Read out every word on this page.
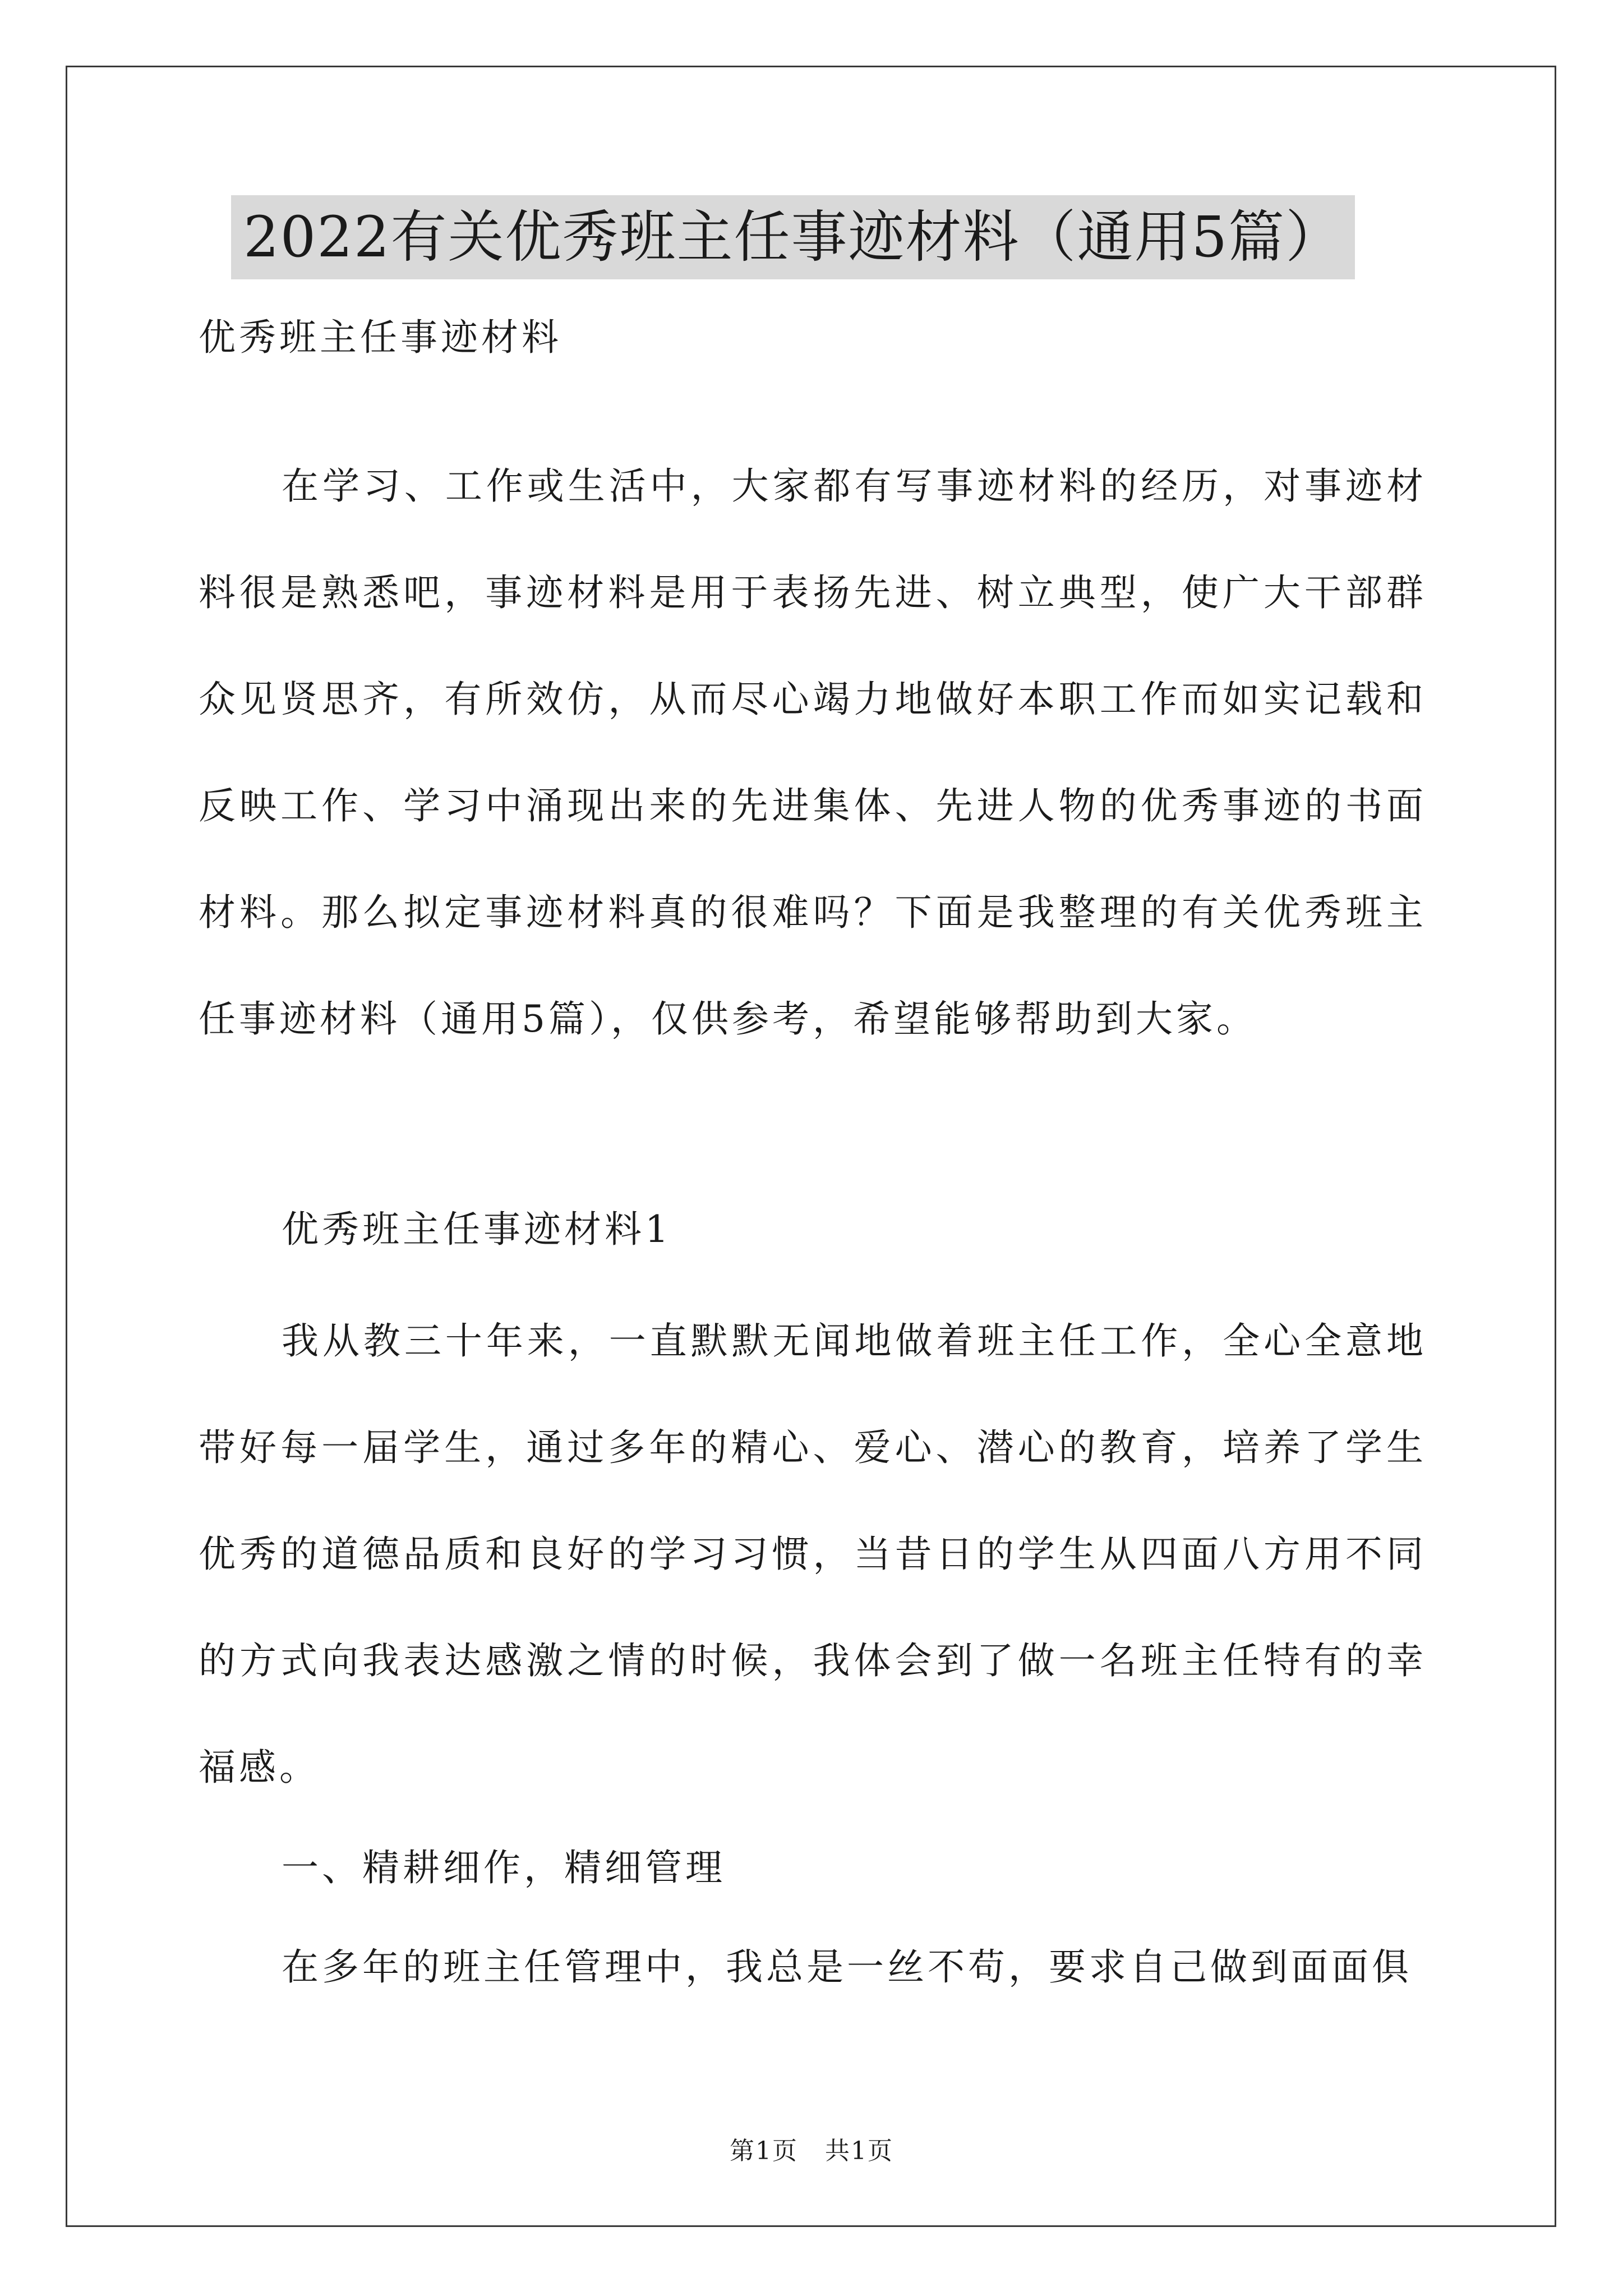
2022有关优秀班主任事迹材料（通用5篇）
优秀班主任事迹材料
在学习、工作或生活中，大家都有写事迹材料的经历，对事迹材料很是熟悉吧，事迹材料是用于表扬先进、树立典型，使广大干部群众见贤思齐，有所效仿，从而尽心竭力地做好本职工作而如实记载和反映工作、学习中涌现出来的先进集体、先进人物的优秀事迹的书面材料。那么拟定事迹材料真的很难吗？下面是我整理的有关优秀班主任事迹材料（通用5篇），仅供参考，希望能够帮助到大家。
优秀班主任事迹材料1
我从教三十年来，一直默默无闻地做着班主任工作，全心全意地带好每一届学生，通过多年的精心、爱心、潜心的教育，培养了学生优秀的道德品质和良好的学习习惯，当昔日的学生从四面八方用不同的方式向我表达感激之情的时候，我体会到了做一名班主任特有的幸福感。
一、精耕细作，精细管理
在多年的班主任管理中，我总是一丝不苟，要求自己做到面面俱
第1页   共1页
